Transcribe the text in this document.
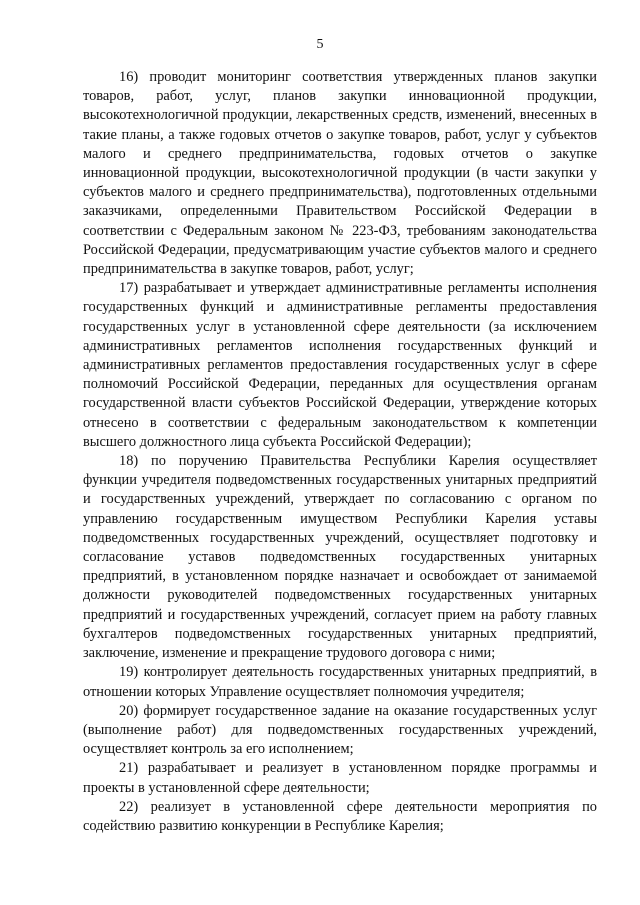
5

16) проводит мониторинг соответствия утвержденных планов закупки товаров, работ, услуг, планов закупки инновационной продукции, высокотехнологичной продукции, лекарственных средств, изменений, внесенных в такие планы, а также годовых отчетов о закупке товаров, работ, услуг у субъектов малого и среднего предпринимательства, годовых отчетов о закупке инновационной продукции, высокотехнологичной продукции (в части закупки у субъектов малого и среднего предпринимательства), подготовленных отдельными заказчиками, определенными Правительством Российской Федерации в соответствии с Федеральным законом № 223-ФЗ, требованиям законодательства Российской Федерации, предусматривающим участие субъектов малого и среднего предпринимательства в закупке товаров, работ, услуг;

17) разрабатывает и утверждает административные регламенты исполнения государственных функций и административные регламенты предоставления государственных услуг в установленной сфере деятельности (за исключением административных регламентов исполнения государственных функций и административных регламентов предоставления государственных услуг в сфере полномочий Российской Федерации, переданных для осуществления органам государственной власти субъектов Российской Федерации, утверждение которых отнесено в соответствии с федеральным законодательством к компетенции высшего должностного лица субъекта Российской Федерации);

18) по поручению Правительства Республики Карелия осуществляет функции учредителя подведомственных государственных унитарных предприятий и государственных учреждений, утверждает по согласованию с органом по управлению государственным имуществом Республики Карелия уставы подведомственных государственных учреждений, осуществляет подготовку и согласование уставов подведомственных государственных унитарных предприятий, в установленном порядке назначает и освобождает от занимаемой должности руководителей подведомственных государственных унитарных предприятий и государственных учреждений, согласует прием на работу главных бухгалтеров подведомственных государственных унитарных предприятий, заключение, изменение и прекращение трудового договора с ними;

19) контролирует деятельность государственных унитарных предприятий, в отношении которых Управление осуществляет полномочия учредителя;

20) формирует государственное задание на оказание государственных услуг (выполнение работ) для подведомственных государственных учреждений, осуществляет контроль за его исполнением;

21) разрабатывает и реализует в установленном порядке программы и проекты в установленной сфере деятельности;

22) реализует в установленной сфере деятельности мероприятия по содействию развитию конкуренции в Республике Карелия;
